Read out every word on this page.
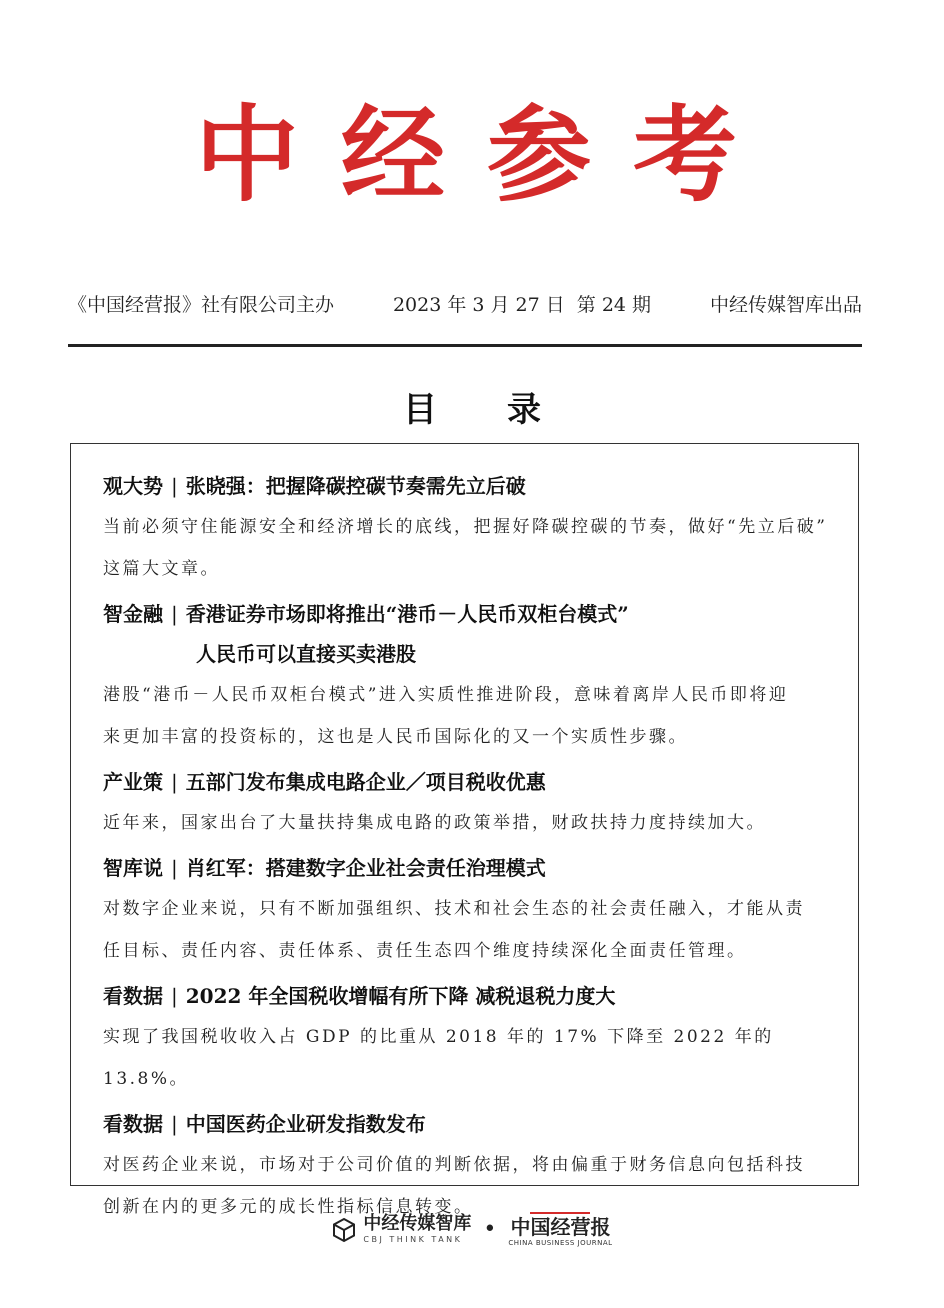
中经参考
《中国经营报》社有限公司主办	2023 年 3 月 27 日 第 24 期	中经传媒智库出品
目录
观大势 | 张晓强：把握降碳控碳节奏需先立后破
当前必须守住能源安全和经济增长的底线，把握好降碳控碳的节奏，做好“先立后破”
这篇大文章。
智金融 | 香港证券市场即将推出“港币－人民币双柜台模式”
人民币可以直接买卖港股
港股“港币－人民币双柜台模式”进入实质性推进阶段，意味着离岸人民币即将迎
来更加丰富的投资标的，这也是人民币国际化的又一个实质性步骤。
产业策 | 五部门发布集成电路企业／项目税收优惠
近年来，国家出台了大量扶持集成电路的政策举措，财政扶持力度持续加大。
智库说 | 肖红军：搭建数字企业社会责任治理模式
对数字企业来说，只有不断加强组织、技术和社会生态的社会责任融入，才能从责
任目标、责任内容、责任体系、责任生态四个维度持续深化全面责任管理。
看数据 | 2022 年全国税收增幅有所下降 减税退税力度大
实现了我国税收收入占 GDP 的比重从 2018 年的 17% 下降至 2022 年的 13.8%。
看数据 | 中国医药企业研发指数发布
对医药企业来说，市场对于公司价值的判断依据，将由偏重于财务信息向包括科技
创新在内的更多元的成长性指标信息转变。
中经传媒智库
CBJ THINK TANK • 中国经营报
CHINA BUSINESS JOURNAL
